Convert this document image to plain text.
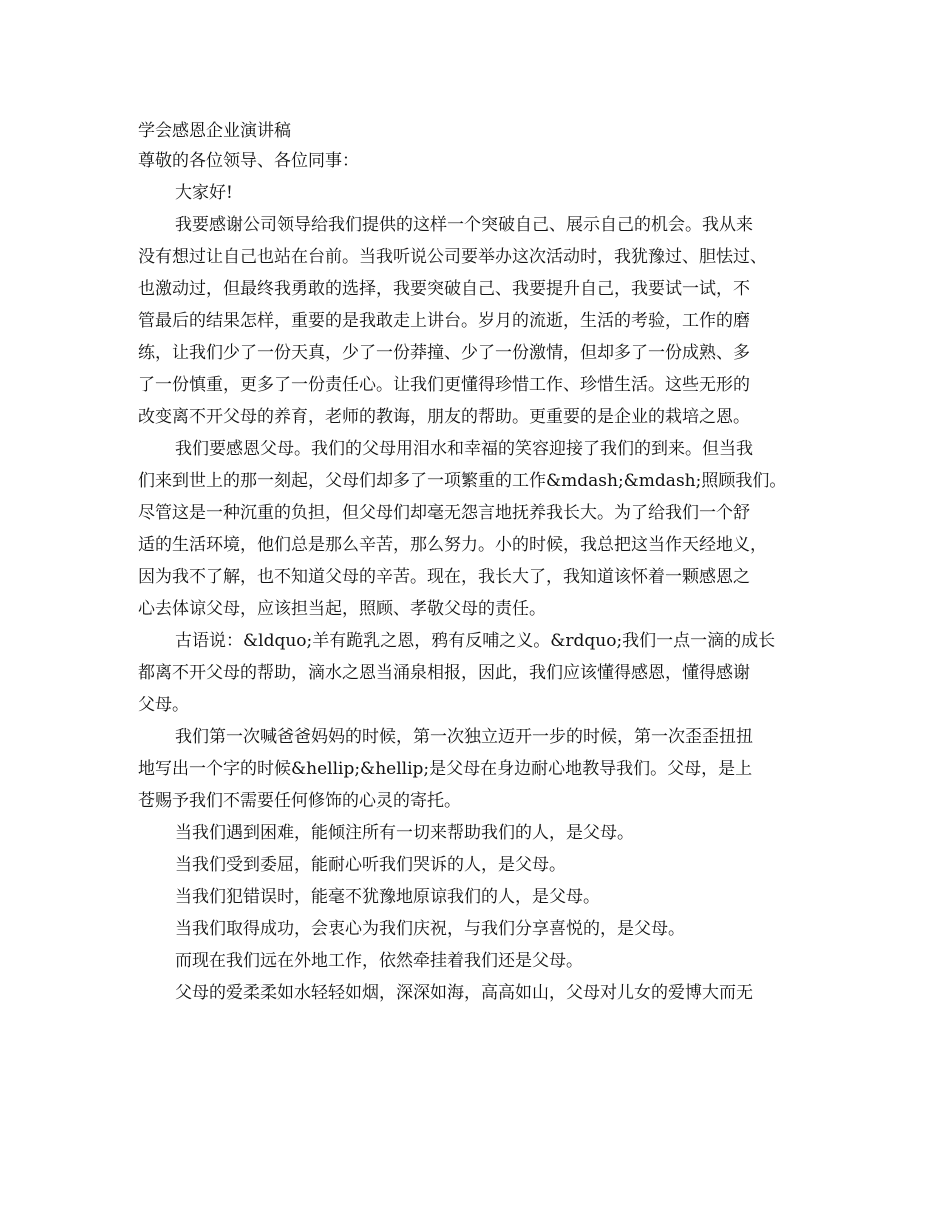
学会感恩企业演讲稿
尊敬的各位领导、各位同事：
大家好!
我要感谢公司领导给我们提供的这样一个突破自己、展示自己的机会。我从来
没有想过让自己也站在台前。当我听说公司要举办这次活动时，我犹豫过、胆怯过、
也激动过，但最终我勇敢的选择，我要突破自己、我要提升自己，我要试一试，不
管最后的结果怎样，重要的是我敢走上讲台。岁月的流逝，生活的考验，工作的磨
练，让我们少了一份天真，少了一份莽撞、少了一份激情，但却多了一份成熟、多
了一份慎重，更多了一份责任心。让我们更懂得珍惜工作、珍惜生活。这些无形的
改变离不开父母的养育，老师的教诲，朋友的帮助。更重要的是企业的栽培之恩。
我们要感恩父母。我们的父母用泪水和幸福的笑容迎接了我们的到来。但当我
们来到世上的那一刻起，父母们却多了一项繁重的工作&mdash;&mdash;照顾我们。
尽管这是一种沉重的负担，但父母们却毫无怨言地抚养我长大。为了给我们一个舒
适的生活环境，他们总是那么辛苦，那么努力。小的时候，我总把这当作天经地义，
因为我不了解，也不知道父母的辛苦。现在，我长大了，我知道该怀着一颗感恩之
心去体谅父母，应该担当起，照顾、孝敬父母的责任。
古语说：&ldquo;羊有跪乳之恩，鸦有反哺之义。&rdquo;我们一点一滴的成长
都离不开父母的帮助，滴水之恩当涌泉相报，因此，我们应该懂得感恩，懂得感谢
父母。
我们第一次喊爸爸妈妈的时候，第一次独立迈开一步的时候，第一次歪歪扭扭
地写出一个字的时候&hellip;&hellip;是父母在身边耐心地教导我们。父母，是上
苍赐予我们不需要任何修饰的心灵的寄托。
当我们遇到困难，能倾注所有一切来帮助我们的人，是父母。
当我们受到委屈，能耐心听我们哭诉的人，是父母。
当我们犯错误时，能毫不犹豫地原谅我们的人，是父母。
当我们取得成功，会衷心为我们庆祝，与我们分享喜悦的，是父母。
而现在我们远在外地工作，依然牵挂着我们还是父母。
父母的爱柔柔如水轻轻如烟，深深如海，高高如山，父母对儿女的爱博大而无
